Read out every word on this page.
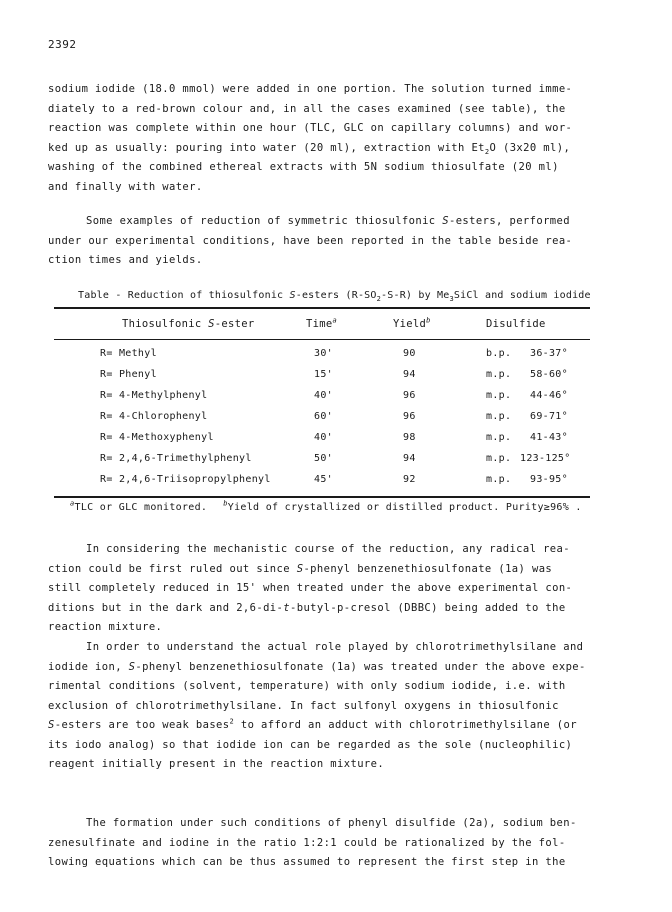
2392

sodium iodide (18.0 mmol) were added in one portion. The solution turned imme-
diately to a red-brown colour and, in all the cases examined (see table), the
reaction was complete within one hour (TLC, GLC on capillary columns) and wor-
ked up as usually: pouring into water (20 ml), extraction with $Et_2O$ (3x20 ml),
washing of the combined ethereal extracts with 5N sodium thiosulfate (20 ml)
and finally with water.

Some examples of reduction of symmetric thiosulfonic S-esters, performed
under our experimental conditions, have been reported in the table beside rea-
ction times and yields.

Table - Reduction of thiosulfonic S-esters $(R-SO_2-S-R)$ by $Me_3SiCl$ and sodium iodide
Thiosulfonic S-ester	Time$^a$	Yield$^b$	Disulfide
R= Methyl	30'	90	b.p. 36-37°
R= Phenyl	15'	94	m.p. 58-60°
R= 4-Methylphenyl	40'	96	m.p. 44-46°
R= 4-Chlorophenyl	60'	96	m.p. 69-71°
R= 4-Methoxyphenyl	40'	98	m.p. 41-43°
R= 2,4,6-Trimethylphenyl	50'	94	m.p. 123-125°
R= 2,4,6-Triisopropylphenyl	45'	92	m.p. 93-95°
$^a$TLC or GLC monitored. $^b$Yield of crystallized or distilled product. Purity≥96% .

In considering the mechanistic course of the reduction, any radical rea-
ction could be first ruled out since S-phenyl benzenethiosulfonate (1a) was
still completely reduced in 15' when treated under the above experimental con-
ditions but in the dark and 2,6-di-t-butyl-p-cresol (DBBC) being added to the
reaction mixture.

In order to understand the actual role played by chlorotrimethylsilane and
iodide ion, S-phenyl benzenethiosulfonate (1a) was treated under the above expe-
rimental conditions (solvent, temperature) with only sodium iodide, i.e. with
exclusion of chlorotrimethylsilane. In fact sulfonyl oxygens in thiosulfonic
S-esters are too weak bases$^2$ to afford an adduct with chlorotrimethylsilane (or
its iodo analog) so that iodide ion can be regarded as the sole (nucleophilic)
reagent initially present in the reaction mixture.

The formation under such conditions of phenyl disulfide (2a), sodium ben-
zenesulfinate and iodine in the ratio 1:2:1 could be rationalized by the fol-
lowing equations which can be thus assumed to represent the first step in the
